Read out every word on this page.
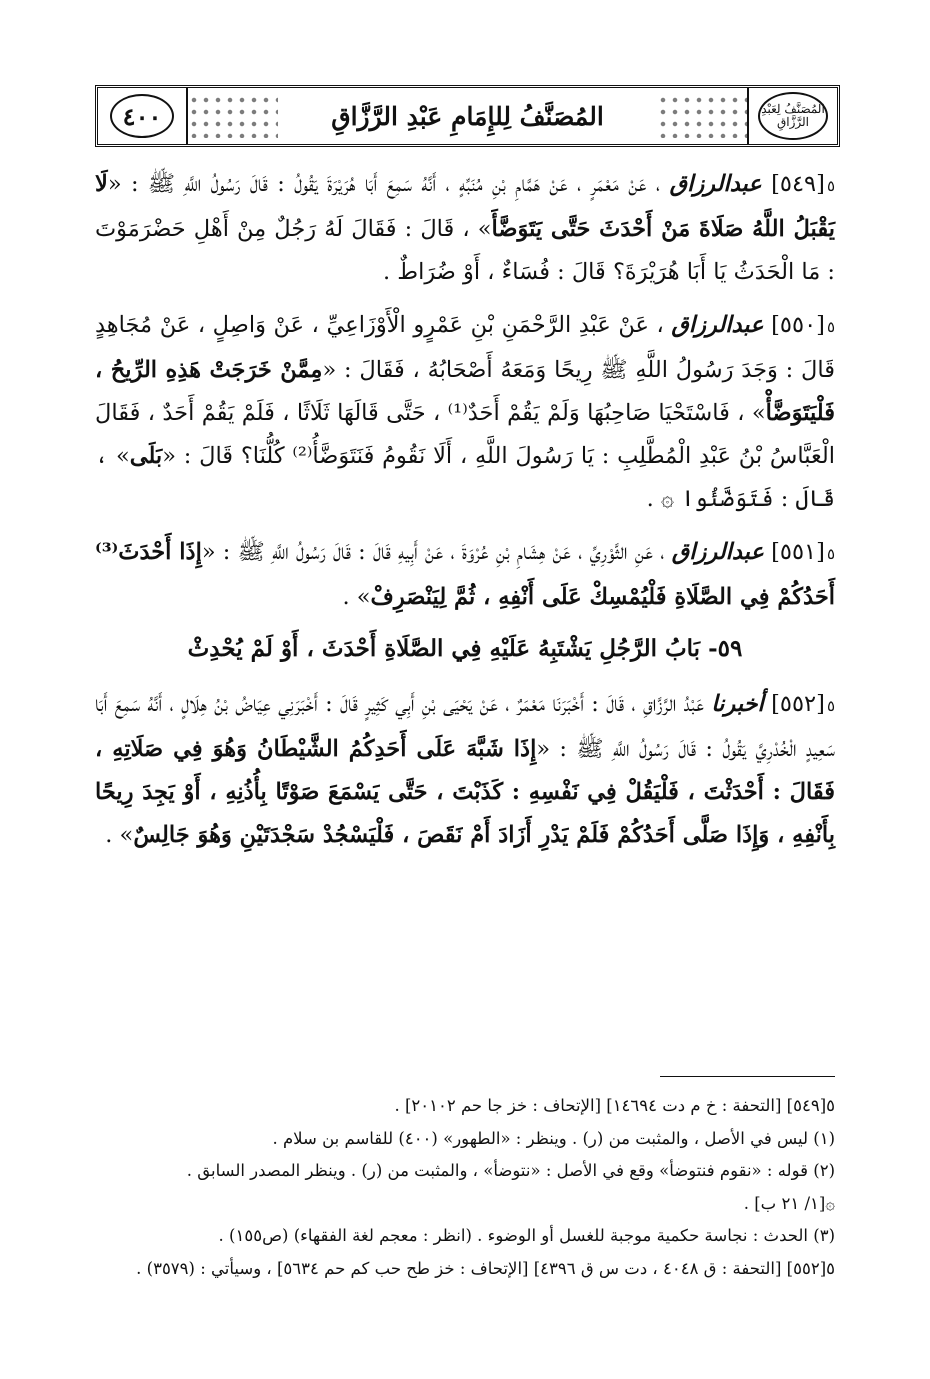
المُصَنَّفُ لِعَبْدِ الرَّزَّاقِ
المُصَنَّفُ لِلإِمَامِ عَبْدِ الرَّزَّاقِ
٤٠٠

٥ [٥٤٩] عبدالرزاق ، عَنْ مَعْمَرٍ ، عَنْ هَمَّامِ بْنِ مُنَبِّهٍ ، أَنَّهُ سَمِعَ أَبَا هُرَيْرَةَ يَقُولُ : قَالَ رَسُولُ اللَّهِ ﷺ : «لَا يَقْبَلُ اللَّهُ صَلَاةَ مَنْ أَحْدَثَ حَتَّى يَتَوَضَّأَ» ، قَالَ : فَقَالَ لَهُ رَجُلٌ مِنْ أَهْلِ حَضْرَمَوْتَ : مَا الْحَدَثُ يَا أَبَا هُرَيْرَةَ؟ قَالَ : فُسَاءٌ ، أَوْ ضُرَاطٌ .

٥ [٥٥٠] عبدالرزاق ، عَنْ عَبْدِ الرَّحْمَنِ بْنِ عَمْرٍو الْأَوْزَاعِيِّ ، عَنْ وَاصِلٍ ، عَنْ مُجَاهِدٍ قَالَ : وَجَدَ رَسُولُ اللَّهِ ﷺ رِيحًا وَمَعَهُ أَصْحَابُهُ ، فَقَالَ : «مِمَّنْ خَرَجَتْ هَذِهِ الرِّيحُ ، فَلْيَتَوَضَّأْ» ، فَاسْتَحْيَا صَاحِبُهَا وَلَمْ يَقُمْ أَحَدٌ⁽¹⁾ ، حَتَّى قَالَهَا ثَلَاثًا ، فَلَمْ يَقُمْ أَحَدٌ ، فَقَالَ الْعَبَّاسُ بْنُ عَبْدِ الْمُطَّلِبِ : يَا رَسُولَ اللَّهِ ، أَلَا نَقُومُ فَنَتَوَضَّأُ⁽²⁾ كُلُّنَا؟ قَالَ : «بَلَى» ، قَالَ : فَتَوَضَّئُوا ۞ .

٥ [٥٥١] عبدالرزاق ، عَنِ الثَّوْرِيِّ ، عَنْ هِشَامِ بْنِ عُرْوَةَ ، عَنْ أَبِيهِ قَالَ : قَالَ رَسُولُ اللَّهِ ﷺ : «إِذَا أَحْدَثَ⁽³⁾ أَحَدُكُمْ فِي الصَّلَاةِ فَلْيُمْسِكْ عَلَى أَنْفِهِ ، ثُمَّ لِيَنْصَرِفْ» .

٥٩- بَابُ الرَّجُلِ يَشْتَبِهُ عَلَيْهِ فِي الصَّلَاةِ أَحْدَثَ ، أَوْ لَمْ يُحْدِثْ

٥ [٥٥٢] أخبرنا عَبْدُ الرَّزَّاقِ ، قَالَ : أَخْبَرَنَا مَعْمَرٌ ، عَنْ يَحْيَى بْنِ أَبِي كَثِيرٍ قَالَ : أَخْبَرَنِي عِيَاضُ بْنُ هِلَالٍ ، أَنَّهُ سَمِعَ أَبَا سَعِيدٍ الْخُدْرِيَّ يَقُولُ : قَالَ رَسُولُ اللَّهِ ﷺ : «إِذَا شَبَّهَ عَلَى أَحَدِكُمُ الشَّيْطَانُ وَهُوَ فِي صَلَاتِهِ ، فَقَالَ : أَحْدَثْتَ ، فَلْيَقُلْ فِي نَفْسِهِ : كَذَبْتَ ، حَتَّى يَسْمَعَ صَوْتًا بِأُذُنِهِ ، أَوْ يَجِدَ رِيحًا بِأَنْفِهِ ، وَإِذَا صَلَّى أَحَدُكُمْ فَلَمْ يَدْرِ أَزَادَ أَمْ نَقَصَ ، فَلْيَسْجُدْ سَجْدَتَيْنِ وَهُوَ جَالِسٌ» .

٥[٥٤٩] [التحفة : خ م دت ١٤٦٩٤] [الإتحاف : خز جا حم ٢٠١٠٢] .

(١) ليس في الأصل ، والمثبت من (ر) . وينظر : «الطهور» (٤٠٠) للقاسم بن سلام .

(٢) قوله : «نقوم فنتوضأ» وقع في الأصل : «نتوضأ» ، والمثبت من (ر) . وينظر المصدر السابق .

۞[١/ ٢١ ب] .

(٣) الحدث : نجاسة حكمية موجبة للغسل أو الوضوء . (انظر : معجم لغة الفقهاء) (ص١٥٥) .

٥[٥٥٢] [التحفة : ق ٤٠٤٨ ، دت س ق ٤٣٩٦] [الإتحاف : خز طح حب كم حم ٥٦٣٤] ، وسيأتي : (٣٥٧٩) .
